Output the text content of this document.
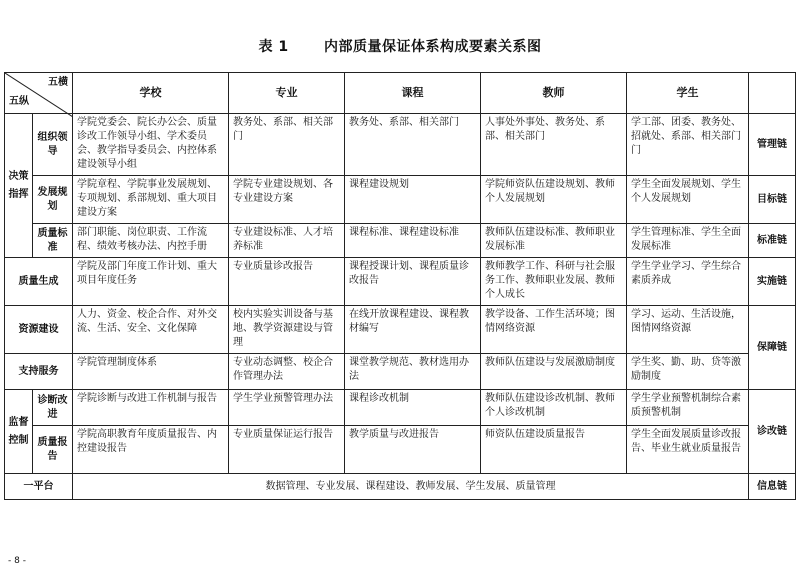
表 1	内部质量保证体系构成要素关系图
五横
五纵		学校	专业	课程	教师	学生	
决策指挥	组织领导	学院党委会、院长办公会、质量诊改工作领导小组、学术委员会、教学指导委员会、内控体系建设领导小组	教务处、系部、相关部门	教务处、系部、相关部门	人事处外事处、教务处、系部、相关部门	学工部、团委、教务处、招就处、系部、相关部门门	管理链
	发展规划	学院章程、学院事业发展规划、专项规划、系部规划、重大项目建设方案	学院专业建设规划、各专业建设方案	课程建设规划	学院师资队伍建设规划、教师个人发展规划	学生全面发展规划、学生个人发展规划	目标链
	质量标准	部门职能、岗位职责、工作流程、绩效考核办法、内控手册	专业建设标准、人才培养标准	课程标准、课程建设标准	教师队伍建设标准、教师职业发展标准	学生管理标准、学生全面发展标准	标准链
质量生成		学院及部门年度工作计划、重大项目年度任务	专业质量诊改报告	课程授课计划、课程质量诊改报告	教师教学工作、科研与社会服务工作、教师职业发展、教师个人成长	学生学业学习、学生综合素质养成	实施链
资源建设		人力、资金、校企合作、对外交流、生活、安全、文化保障	校内实验实训设备与基地、教学资源建设与管理	在线开放课程建设、课程教材编写	教学设备、工作生活环境；图情网络资源	学习、运动、生活设施，图情网络资源	保障链
支持服务		学院管理制度体系	专业动态调整、校企合作管理办法	课堂教学规范、教材选用办法	教师队伍建设与发展激励制度	学生奖、勤、助、贷等激励制度	
监督控制	诊断改进	学院诊断与改进工作机制与报告	学生学业预警管理办法	课程诊改机制	教师队伍建设诊改机制、教师个人诊改机制	学生学业预警机制综合素质预警机制	诊改链
	质量报告	学院高职教育年度质量报告、内控建设报告	专业质量保证运行报告	教学质量与改进报告	师资队伍建设质量报告	学生全面发展质量诊改报告、毕业生就业质量报告	
一平台		数据管理、专业发展、课程建设、教师发展、学生发展、质量管理					信息链
- 8 -
